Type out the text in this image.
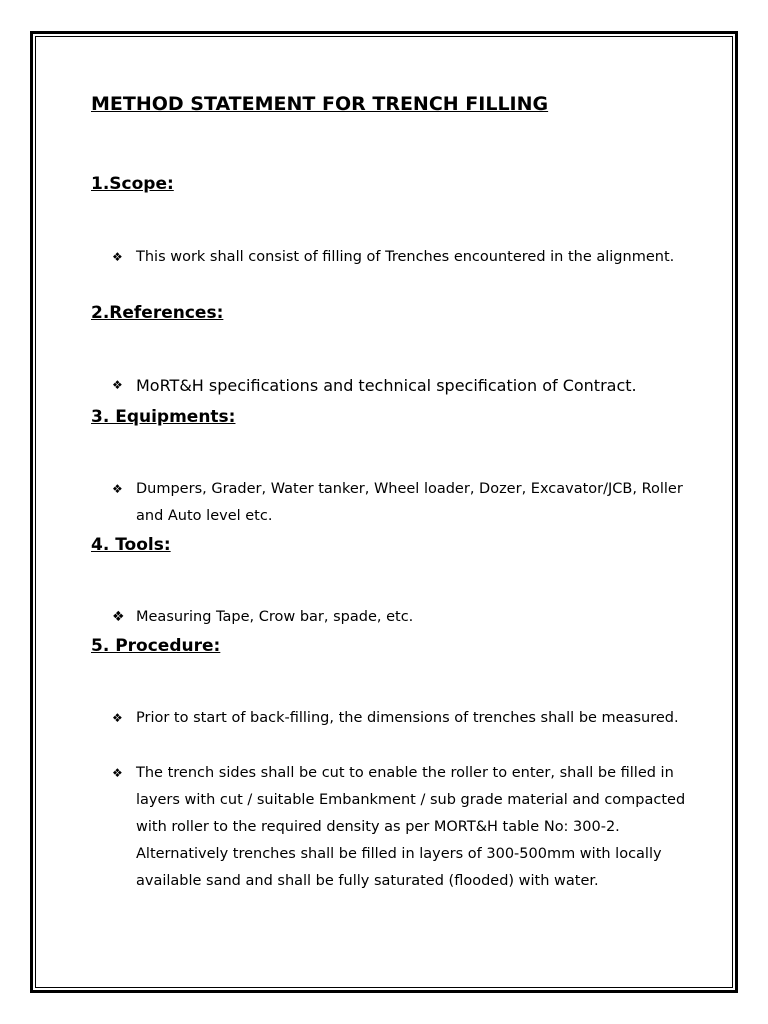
METHOD STATEMENT FOR TRENCH FILLING
1.Scope:
❖ This work shall consist of filling of Trenches encountered in the alignment.
2.References:
❖ MoRT&H specifications and technical specification of Contract.
3. Equipments:
❖ Dumpers, Grader, Water tanker, Wheel loader, Dozer, Excavator/JCB, Roller and Auto level etc.
4. Tools:
❖ Measuring Tape, Crow bar, spade, etc.
5. Procedure:
❖ Prior to start of back-filling, the dimensions of trenches shall be measured.
❖ The trench sides shall be cut to enable the roller to enter, shall be filled in layers with cut / suitable Embankment / sub grade material and compacted with roller to the required density as per MORT&H table No: 300-2. Alternatively trenches shall be filled in layers of 300-500mm with locally available sand and shall be fully saturated (flooded) with water.
